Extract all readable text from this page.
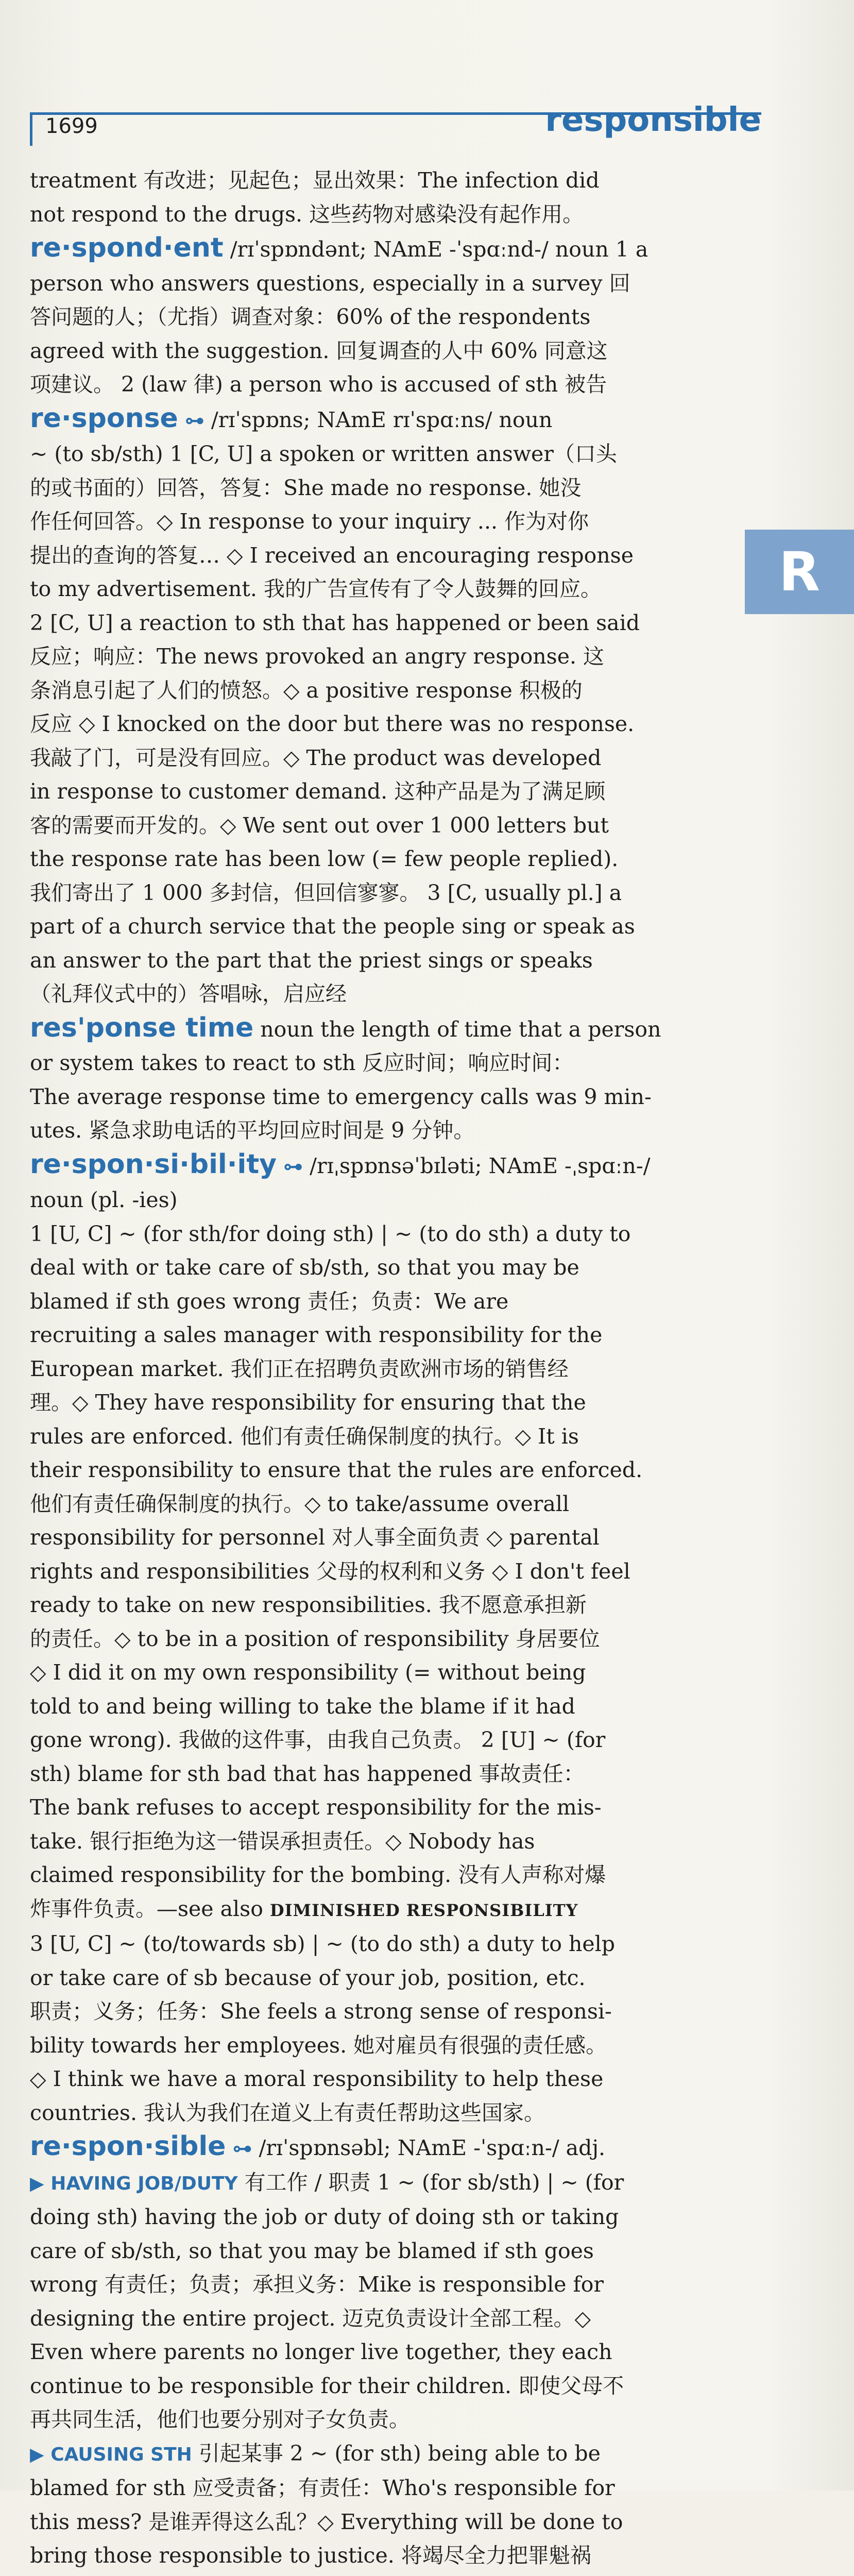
1699	responsible
R
treatment 有改进；见起色；显出效果：The infection did
not respond to the drugs. 这些药物对感染没有起作用。
re·spond·ent /rɪˈspɒndənt; NAmE -ˈspɑːnd-/ noun 1 a
person who answers questions, especially in a survey 回
答问题的人；（尤指）调查对象：60% of the respondents
agreed with the suggestion. 回复调查的人中 60% 同意这
项建议。 2 (law 律) a person who is accused of sth 被告
re·sponse ⊶ /rɪˈspɒns; NAmE rɪˈspɑːns/ noun
~ (to sb/sth) 1 [C, U] a spoken or written answer（口头
的或书面的）回答，答复：She made no response. 她没
作任何回答。◇ In response to your inquiry ... 作为对你
提出的查询的答复… ◇ I received an encouraging response
to my advertisement. 我的广告宣传有了令人鼓舞的回应。
2 [C, U] a reaction to sth that has happened or been said
反应；响应：The news provoked an angry response. 这
条消息引起了人们的愤怒。◇ a positive response 积极的
反应 ◇ I knocked on the door but there was no response.
我敲了门，可是没有回应。◇ The product was developed
in response to customer demand. 这种产品是为了满足顾
客的需要而开发的。◇ We sent out over 1 000 letters but
the response rate has been low (= few people replied).
我们寄出了 1 000 多封信，但回信寥寥。 3 [C, usually pl.] a
part of a church service that the people sing or speak as
an answer to the part that the priest sings or speaks
（礼拜仪式中的）答唱咏，启应经
res'ponse time noun the length of time that a person
or system takes to react to sth 反应时间；响应时间：
The average response time to emergency calls was 9 min-
utes. 紧急求助电话的平均回应时间是 9 分钟。
re·spon·si·bil·ity ⊶ /rɪˌspɒnsəˈbɪləti; NAmE -ˌspɑːn-/
noun (pl. -ies)
1 [U, C] ~ (for sth/for doing sth) | ~ (to do sth) a duty to
deal with or take care of sb/sth, so that you may be
blamed if sth goes wrong 责任；负责：We are
recruiting a sales manager with responsibility for the
European market. 我们正在招聘负责欧洲市场的销售经
理。◇ They have responsibility for ensuring that the
rules are enforced. 他们有责任确保制度的执行。◇ It is
their responsibility to ensure that the rules are enforced.
他们有责任确保制度的执行。◇ to take/assume overall
responsibility for personnel 对人事全面负责 ◇ parental
rights and responsibilities 父母的权利和义务 ◇ I don't feel
ready to take on new responsibilities. 我不愿意承担新
的责任。◇ to be in a position of responsibility 身居要位
◇ I did it on my own responsibility (= without being
told to and being willing to take the blame if it had
gone wrong). 我做的这件事，由我自己负责。 2 [U] ~ (for
sth) blame for sth bad that has happened 事故责任：
The bank refuses to accept responsibility for the mis-
take. 银行拒绝为这一错误承担责任。◇ Nobody has
claimed responsibility for the bombing. 没有人声称对爆
炸事件负责。—see also DIMINISHED RESPONSIBILITY
3 [U, C] ~ (to/towards sb) | ~ (to do sth) a duty to help
or take care of sb because of your job, position, etc.
职责；义务；任务：She feels a strong sense of responsi-
bility towards her employees. 她对雇员有很强的责任感。
◇ I think we have a moral responsibility to help these
countries. 我认为我们在道义上有责任帮助这些国家。
re·spon·sible ⊶ /rɪˈspɒnsəbl; NAmE -ˈspɑːn-/ adj.
▶ HAVING JOB/DUTY 有工作 / 职责 1 ~ (for sb/sth) | ~ (for
doing sth) having the job or duty of doing sth or taking
care of sb/sth, so that you may be blamed if sth goes
wrong 有责任；负责；承担义务：Mike is responsible for
designing the entire project. 迈克负责设计全部工程。◇
Even where parents no longer live together, they each
continue to be responsible for their children. 即使父母不
再共同生活，他们也要分别对子女负责。
▶ CAUSING STH 引起某事 2 ~ (for sth) being able to be
blamed for sth 应受责备；有责任：Who's responsible for
this mess? 是谁弄得这么乱？◇ Everything will be done to
bring those responsible to justice. 将竭尽全力把罪魁祸
